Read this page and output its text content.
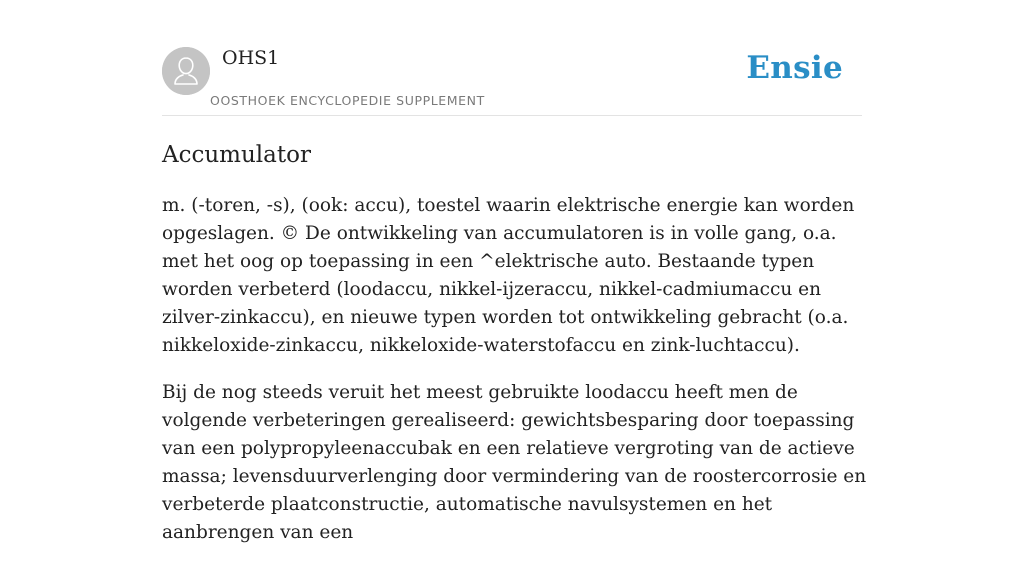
OHS1
OOSTHOEK ENCYCLOPEDIE SUPPLEMENT
Ensie
Accumulator

m. (-toren, -s), (ook: accu), toestel waarin elektrische energie kan worden opgeslagen. © De ontwikkeling van accumulatoren is in volle gang, o.a. met het oog op toepassing in een ^elektrische auto. Bestaande typen worden verbeterd (loodaccu, nikkel-ijzeraccu, nikkel-cadmiumaccu en zilver-zinkaccu), en nieuwe typen worden tot ontwikkeling gebracht (o.a. nikkeloxide-zinkaccu, nikkeloxide-waterstofaccu en zink-luchtaccu).

Bij de nog steeds veruit het meest gebruikte loodaccu heeft men de volgende verbeteringen gerealiseerd: gewichtsbesparing door toepassing van een polypropyleenaccubak en een relatieve vergroting van de actieve massa; levensduurverlenging door vermindering van de roostercorrosie en verbeterde plaatconstructie, automatische navulsystemen en het aanbrengen van een
